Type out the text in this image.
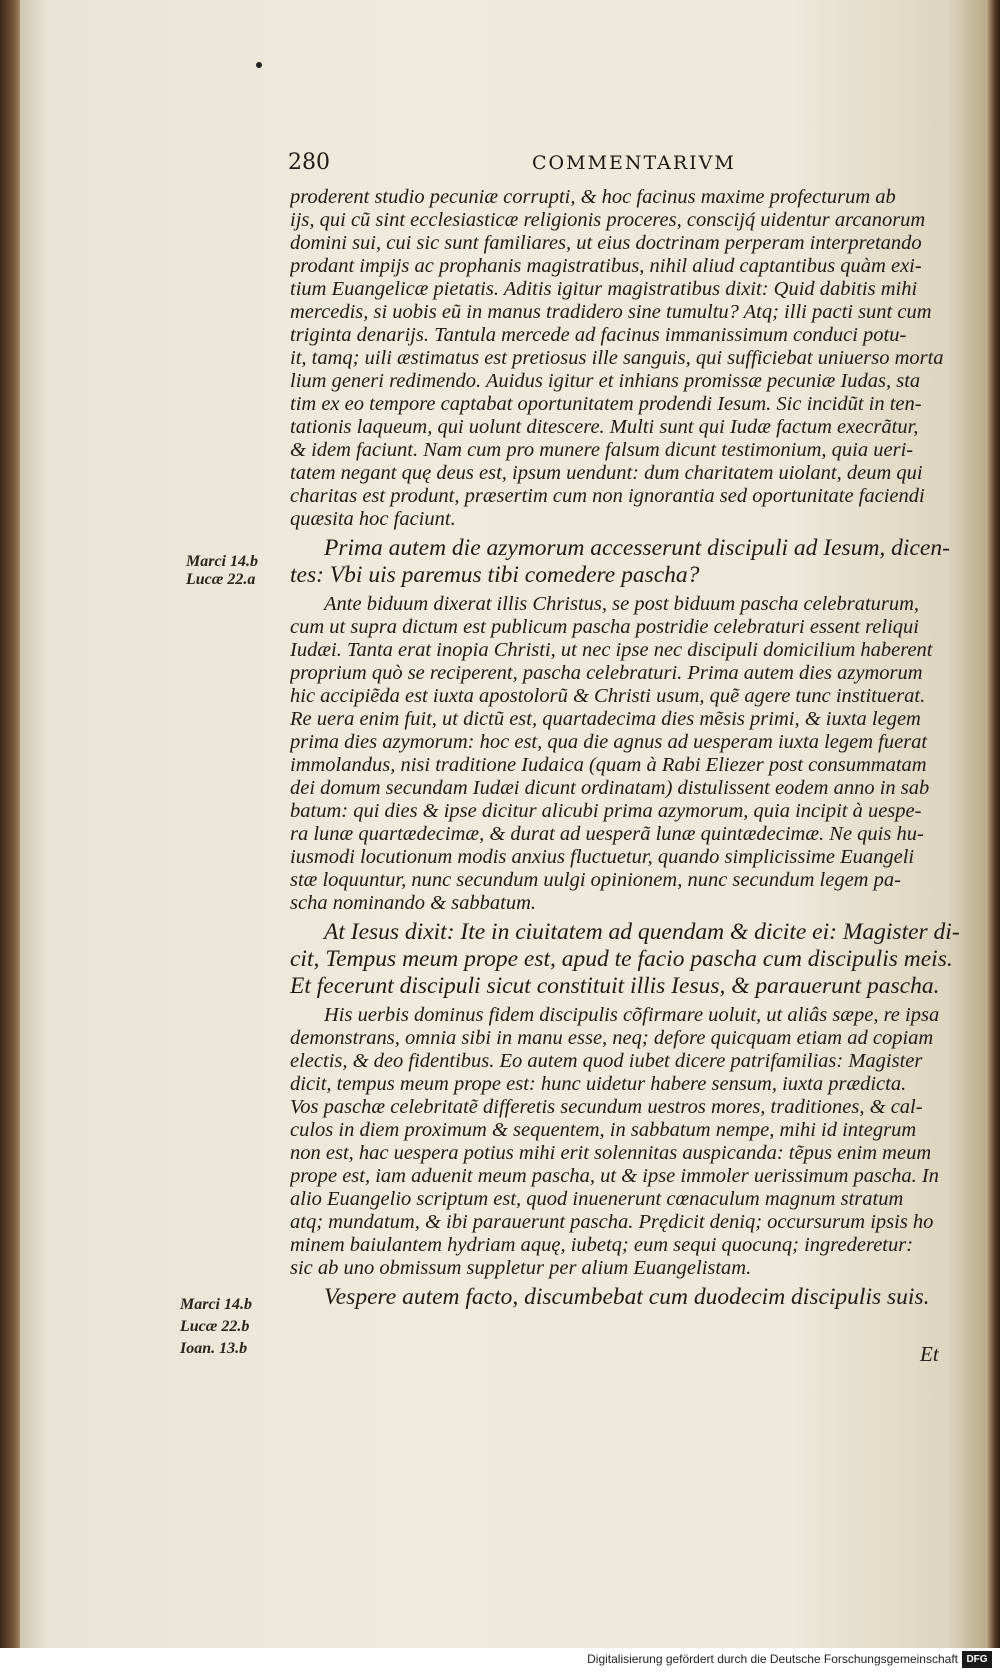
280	COMMENTARIVM
proderent studio pecuniæ corrupti, & hoc facinus maxime profecturum ab
ijs, qui cũ sint ecclesiasticæ religionis proceres, conscijq́ uidentur arcanorum
domini sui, cui sic sunt familiares, ut eius doctrinam perperam interpretando
prodant impijs ac prophanis magistratibus, nihil aliud captantibus quàm exi-
tium Euangelicæ pietatis. Aditis igitur magistratibus dixit: Quid dabitis mihi
mercedis, si uobis eũ in manus tradidero sine tumultu? Atq; illi pacti sunt cum
triginta denarijs. Tantula mercede ad facinus immanissimum conduci potu-
it, tamq; uili æstimatus est pretiosus ille sanguis, qui sufficiebat uniuerso morta
lium generi redimendo. Auidus igitur et inhians promissæ pecuniæ Iudas, sta
tim ex eo tempore captabat oportunitatem prodendi Iesum. Sic incidũt in ten-
tationis laqueum, qui uolunt ditescere. Multi sunt qui Iudæ factum execrãtur,
& idem faciunt. Nam cum pro munere falsum dicunt testimonium, quia ueri-
tatem negant quę deus est, ipsum uendunt: dum charitatem uiolant, deum qui
charitas est produnt, præsertim cum non ignorantia sed oportunitate faciendi
quæsita hoc faciunt.
Prima autem die azymorum accesserunt discipuli ad Iesum, dicen-
tes: Vbi uis paremus tibi comedere pascha?
Ante biduum dixerat illis Christus, se post biduum pascha celebraturum,
cum ut supra dictum est publicum pascha postridie celebraturi essent reliqui
Iudæi. Tanta erat inopia Christi, ut nec ipse nec discipuli domicilium haberent
proprium quò se reciperent, pascha celebraturi. Prima autem dies azymorum
hic accipiẽda est iuxta apostolorũ & Christi usum, quẽ agere tunc instituerat.
Re uera enim fuit, ut dictũ est, quartadecima dies mẽsis primi, & iuxta legem
prima dies azymorum: hoc est, qua die agnus ad uesperam iuxta legem fuerat
immolandus, nisi traditione Iudaica (quam à Rabi Eliezer post consummatam
dei domum secundam Iudæi dicunt ordinatam) distulissent eodem anno in sab
batum: qui dies & ipse dicitur alicubi prima azymorum, quia incipit à uespe-
ra lunæ quartædecimæ, & durat ad uesperã lunæ quintædecimæ. Ne quis hu-
iusmodi locutionum modis anxius fluctuetur, quando simplicissime Euangeli
stæ loquuntur, nunc secundum uulgi opinionem, nunc secundum legem pa-
scha nominando & sabbatum.
At Iesus dixit: Ite in ciuitatem ad quendam & dicite ei: Magister di-
cit, Tempus meum prope est, apud te facio pascha cum discipulis meis.
Et fecerunt discipuli sicut constituit illis Iesus, & parauerunt pascha.
His uerbis dominus fidem discipulis cõfirmare uoluit, ut aliâs sæpe, re ipsa
demonstrans, omnia sibi in manu esse, neq; defore quicquam etiam ad copiam
electis, & deo fidentibus. Eo autem quod iubet dicere patrifamilias: Magister
dicit, tempus meum prope est: hunc uidetur habere sensum, iuxta prædicta.
Vos paschæ celebritatẽ differetis secundum uestros mores, traditiones, & cal-
culos in diem proximum & sequentem, in sabbatum nempe, mihi id integrum
non est, hac uespera potius mihi erit solennitas auspicanda: tẽpus enim meum
prope est, iam aduenit meum pascha, ut & ipse immoler uerissimum pascha. In
alio Euangelio scriptum est, quod inuenerunt cœnaculum magnum stratum
atq; mundatum, & ibi parauerunt pascha. Prędicit deniq; occursurum ipsis ho
minem baiulantem hydriam aquę, iubetq; eum sequi quocunq; ingrederetur:
sic ab uno obmissum suppletur per alium Euangelistam.
Vespere autem facto, discumbebat cum duodecim discipulis suis.
Marci 14.b
Lucæ 22.a
Marci 14.b
Lucæ 22.b
Ioan. 13.b	Et
Digitalisierung gefördert durch die Deutsche Forschungsgemeinschaft DFG
